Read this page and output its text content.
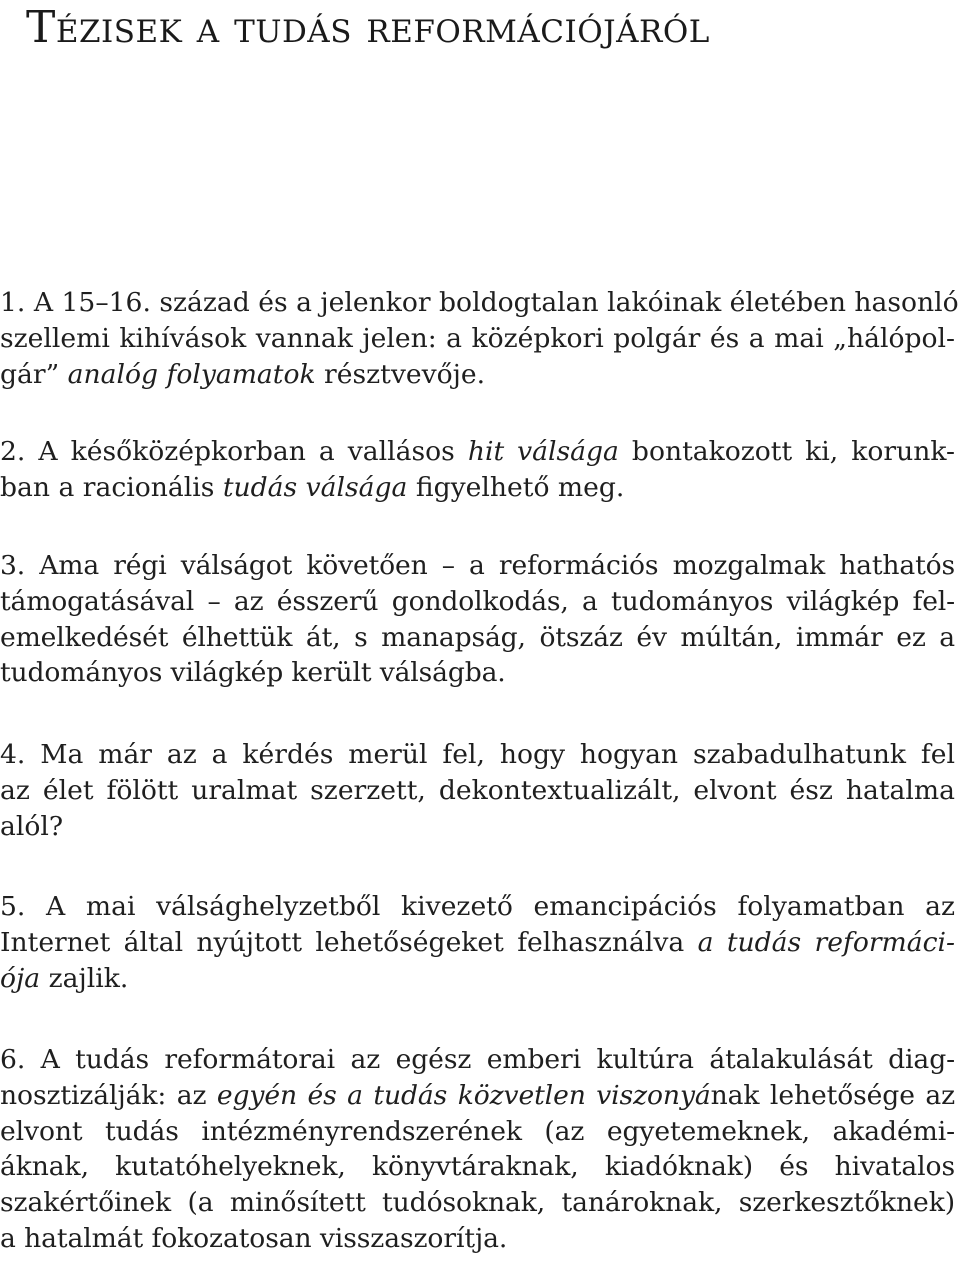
Tézisek a tudás reformációjáról
1. A 15–16. század és a jelenkor boldogtalan lakóinak életében hasonló
szellemi kihívások vannak jelen: a középkori polgár és a mai „hálópol-
gár” analóg folyamatok résztvevője.
2. A későközépkorban a vallásos hit válsága bontakozott ki, korunk-
ban a racionális tudás válsága figyelhető meg.
3. Ama régi válságot követően – a reformációs mozgalmak hathatós
támogatásával – az ésszerű gondolkodás, a tudományos világkép fel-
emelkedését élhettük át, s manapság, ötszáz év múltán, immár ez a
tudományos világkép került válságba.
4. Ma már az a kérdés merül fel, hogy hogyan szabadulhatunk fel
az élet fölött uralmat szerzett, dekontextualizált, elvont ész hatalma
alól?
5. A mai válsághelyzetből kivezető emancipációs folyamatban az
Internet által nyújtott lehetőségeket felhasználva a tudás reformáci-
ója zajlik.
6. A tudás reformátorai az egész emberi kultúra átalakulását diag-
nosztizálják: az egyén és a tudás közvetlen viszonyának lehetősége az
elvont tudás intézményrendszerének (az egyetemeknek, akadémi-
áknak, kutatóhelyeknek, könyvtáraknak, kiadóknak) és hivatalos
szakértőinek (a minősített tudósoknak, tanároknak, szerkesztőknek)
a hatalmát fokozatosan visszaszorítja.
